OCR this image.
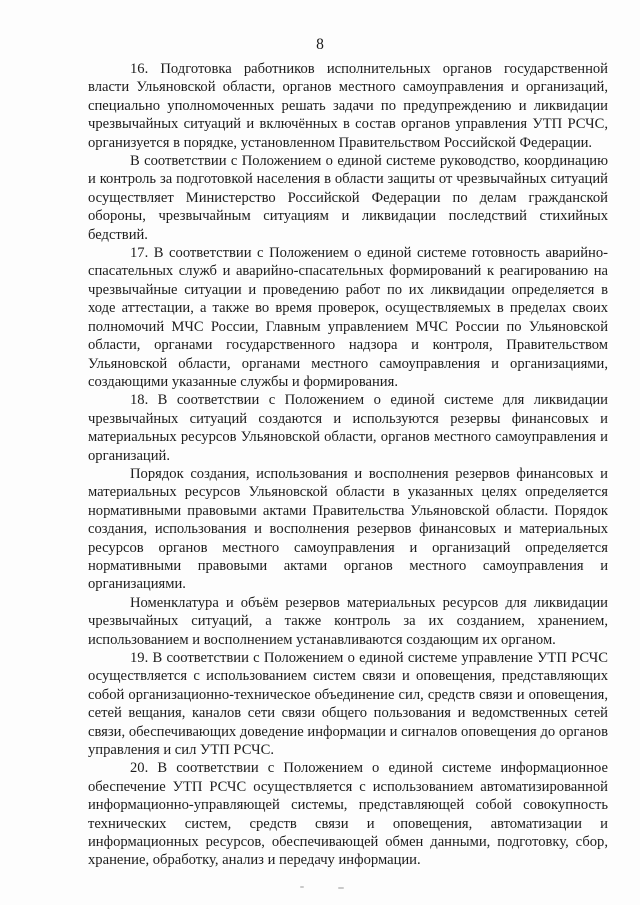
8

16. Подготовка работников исполнительных органов государственной власти Ульяновской области, органов местного самоуправления и организаций, специально уполномоченных решать задачи по предупреждению и ликвидации чрезвычайных ситуаций и включённых в состав органов управления УТП РСЧС, организуется в порядке, установленном Правительством Российской Федерации.

В соответствии с Положением о единой системе руководство, координацию и контроль за подготовкой населения в области защиты от чрезвычайных ситуаций осуществляет Министерство Российской Федерации по делам гражданской обороны, чрезвычайным ситуациям и ликвидации последствий стихийных бедствий.

17. В соответствии с Положением о единой системе готовность аварийно-спасательных служб и аварийно-спасательных формирований к реагированию на чрезвычайные ситуации и проведению работ по их ликвидации определяется в ходе аттестации, а также во время проверок, осуществляемых в пределах своих полномочий МЧС России, Главным управлением МЧС России по Ульяновской области, органами государственного надзора и контроля, Правительством Ульяновской области, органами местного самоуправления и организациями, создающими указанные службы и формирования.

18. В соответствии с Положением о единой системе для ликвидации чрезвычайных ситуаций создаются и используются резервы финансовых и материальных ресурсов Ульяновской области, органов местного самоуправления и организаций.

Порядок создания, использования и восполнения резервов финансовых и материальных ресурсов Ульяновской области в указанных целях определяется нормативными правовыми актами Правительства Ульяновской области. Порядок создания, использования и восполнения резервов финансовых и материальных ресурсов органов местного самоуправления и организаций определяется нормативными правовыми актами органов местного самоуправления и организациями.

Номенклатура и объём резервов материальных ресурсов для ликвидации чрезвычайных ситуаций, а также контроль за их созданием, хранением, использованием и восполнением устанавливаются создающим их органом.

19. В соответствии с Положением о единой системе управление УТП РСЧС осуществляется с использованием систем связи и оповещения, представляющих собой организационно-техническое объединение сил, средств связи и оповещения, сетей вещания, каналов сети связи общего пользования и ведомственных сетей связи, обеспечивающих доведение информации и сигналов оповещения до органов управления и сил УТП РСЧС.

20. В соответствии с Положением о единой системе информационное обеспечение УТП РСЧС осуществляется с использованием автоматизированной информационно-управляющей системы, представляющей собой совокупность технических систем, средств связи и оповещения, автоматизации и информационных ресурсов, обеспечивающей обмен данными, подготовку, сбор, хранение, обработку, анализ и передачу информации.
